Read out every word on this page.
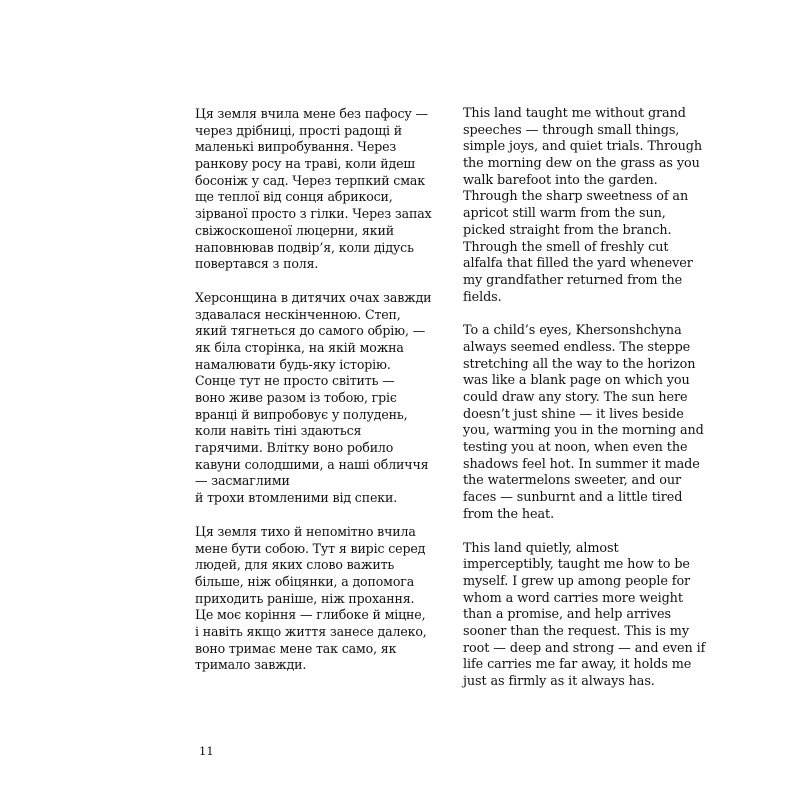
Ця земля вчила мене без пафосу —
через дрібниці, прості радощі й
маленькі випробування. Через
ранкову росу на траві, коли йдеш
босоніж у сад. Через терпкий смак
ще теплої від сонця абрикоси,
зірваної просто з гілки. Через запах
свіжоскошеної люцерни, який
наповнював подвір’я, коли дідусь
повертався з поля.

Херсонщина в дитячих очах завжди
здавалася нескінченною. Степ,
який тягнеться до самого обрію, —
як біла сторінка, на якій можна
намалювати будь-яку історію.
Сонце тут не просто світить —
воно живе разом із тобою, гріє
вранці й випробовує у полудень,
коли навіть тіні здаються
гарячими. Влітку воно робило
кавуни солодшими, а наші обличчя
— засмаглими
й трохи втомленими від спеки.

Ця земля тихо й непомітно вчила
мене бути собою. Тут я виріс серед
людей, для яких слово важить
більше, ніж обіцянки, а допомога
приходить раніше, ніж прохання.
Це моє коріння — глибоке й міцне,
і навіть якщо життя занесе далеко,
воно тримає мене так само, як
тримало завжди.

This land taught me without grand
speeches — through small things,
simple joys, and quiet trials. Through
the morning dew on the grass as you
walk barefoot into the garden.
Through the sharp sweetness of an
apricot still warm from the sun,
picked straight from the branch.
Through the smell of freshly cut
alfalfa that filled the yard whenever
my grandfather returned from the
fields.

To a child’s eyes, Khersonshchyna
always seemed endless. The steppe
stretching all the way to the horizon
was like a blank page on which you
could draw any story. The sun here
doesn’t just shine — it lives beside
you, warming you in the morning and
testing you at noon, when even the
shadows feel hot. In summer it made
the watermelons sweeter, and our
faces — sunburnt and a little tired
from the heat.

This land quietly, almost
imperceptibly, taught me how to be
myself. I grew up among people for
whom a word carries more weight
than a promise, and help arrives
sooner than the request. This is my
root — deep and strong — and even if
life carries me far away, it holds me
just as firmly as it always has.

11
